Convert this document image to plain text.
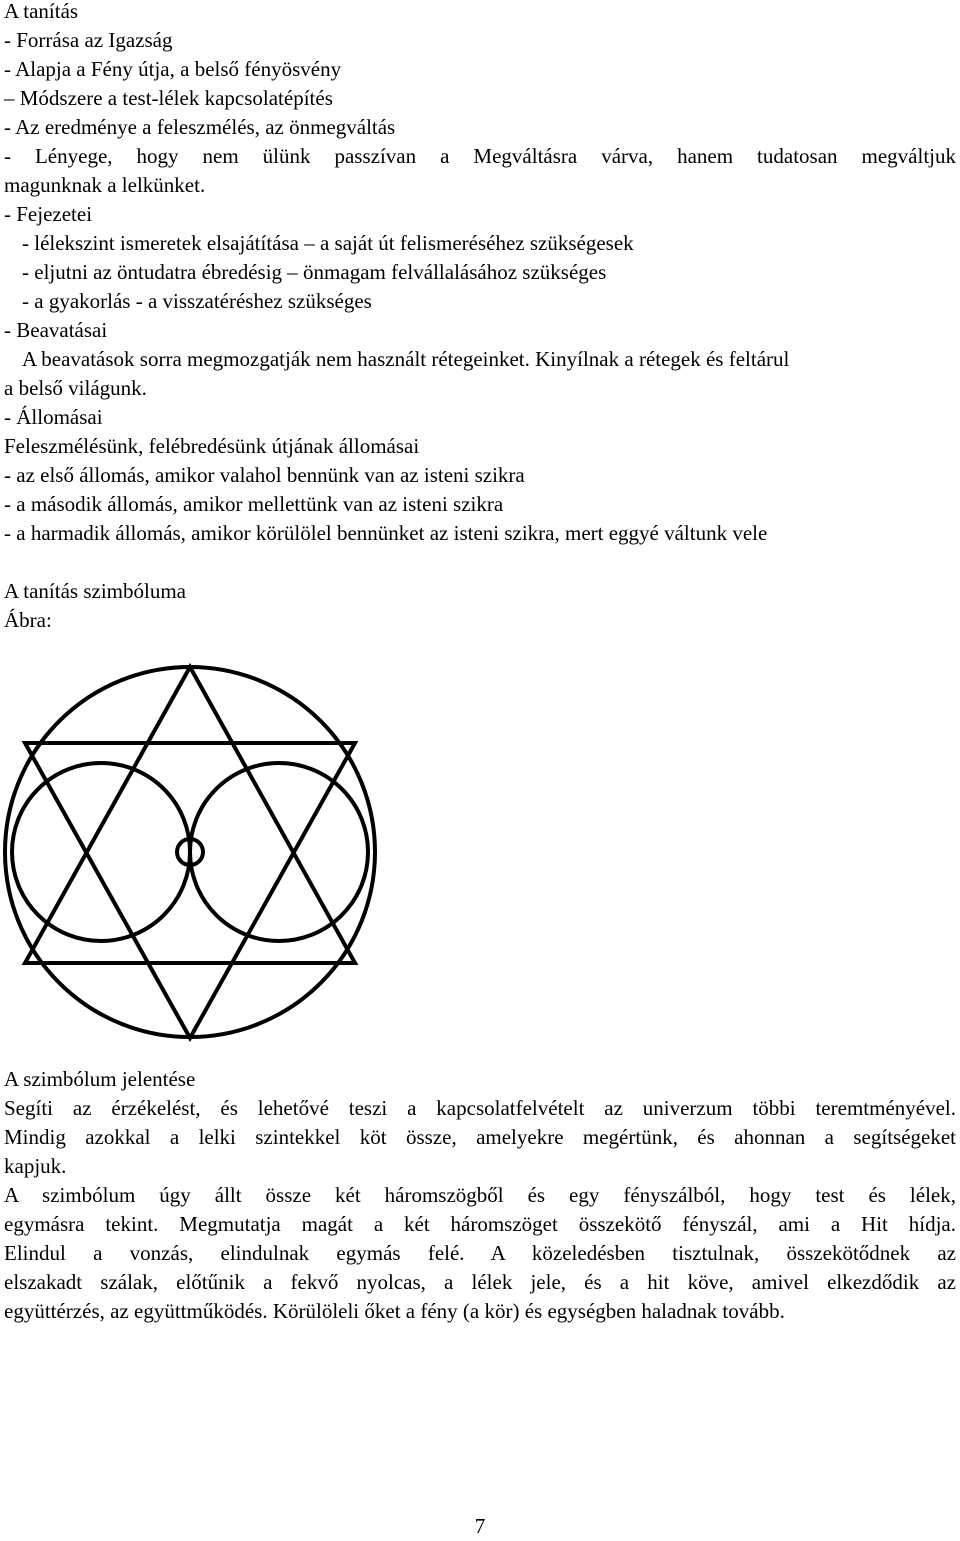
A tanítás
- Forrása az Igazság
- Alapja a Fény útja, a belső fényösvény
– Módszere a test-lélek kapcsolatépítés
- Az eredménye a feleszmélés, az önmegváltás
- Lényege, hogy nem ülünk passzívan a Megváltásra várva, hanem tudatosan megváltjuk
magunknak a lelkünket.
- Fejezetei
- lélekszint ismeretek elsajátítása – a saját út felismeréséhez szükségesek
- eljutni az öntudatra ébredésig – önmagam felvállalásához szükséges
- a gyakorlás - a visszatéréshez szükséges
- Beavatásai
A beavatások sorra megmozgatják nem használt rétegeinket. Kinyílnak a rétegek és feltárul
a belső világunk.
- Állomásai
Feleszmélésünk, felébredésünk útjának állomásai
- az első állomás, amikor valahol bennünk van az isteni szikra
- a második állomás, amikor mellettünk van az isteni szikra
- a harmadik állomás, amikor körülölel bennünket az isteni szikra, mert eggyé váltunk vele
A tanítás szimbóluma
Ábra:
A szimbólum jelentése
Segíti az érzékelést, és lehetővé teszi a kapcsolatfelvételt az univerzum többi teremtményével.
Mindig azokkal a lelki szintekkel köt össze, amelyekre megértünk, és ahonnan a segítségeket
kapjuk.
A szimbólum úgy állt össze két háromszögből és egy fényszálból, hogy test és lélek,
egymásra tekint. Megmutatja magát a két háromszöget összekötő fényszál, ami a Hit hídja.
Elindul a vonzás, elindulnak egymás felé. A közeledésben tisztulnak, összekötődnek az
elszakadt szálak, előtűnik a fekvő nyolcas, a lélek jele, és a hit köve, amivel elkezdődik az
együttérzés, az együttműködés. Körülöleli őket a fény (a kör) és egységben haladnak tovább.
7
